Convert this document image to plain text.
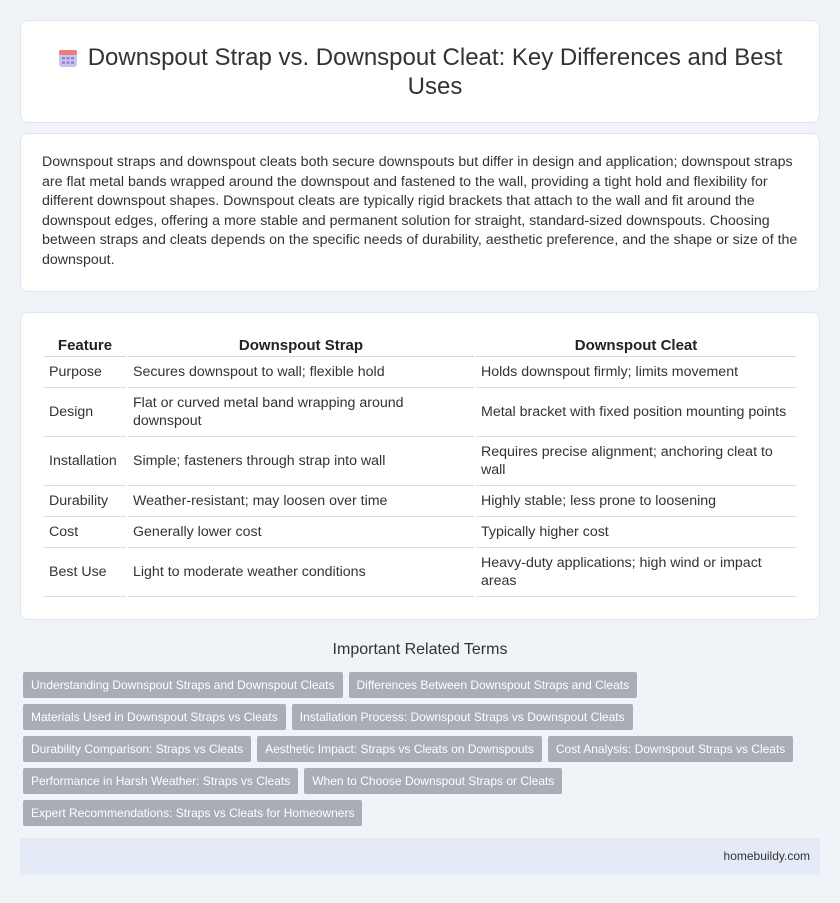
Downspout Strap vs. Downspout Cleat: Key Differences and Best Uses

Downspout straps and downspout cleats both secure downspouts but differ in design and application; downspout straps are flat metal bands wrapped around the downspout and fastened to the wall, providing a tight hold and flexibility for different downspout shapes. Downspout cleats are typically rigid brackets that attach to the wall and fit around the downspout edges, offering a more stable and permanent solution for straight, standard-sized downspouts. Choosing between straps and cleats depends on the specific needs of durability, aesthetic preference, and the shape or size of the downspout.

Feature	Downspout Strap	Downspout Cleat
Purpose	Secures downspout to wall; flexible hold	Holds downspout firmly; limits movement
Design	Flat or curved metal band wrapping around downspout	Metal bracket with fixed position mounting points
Installation	Simple; fasteners through strap into wall	Requires precise alignment; anchoring cleat to wall
Durability	Weather-resistant; may loosen over time	Highly stable; less prone to loosening
Cost	Generally lower cost	Typically higher cost
Best Use	Light to moderate weather conditions	Heavy-duty applications; high wind or impact areas
Important Related Terms
Understanding Downspout Straps and Downspout Cleats	Differences Between Downspout Straps and Cleats
Materials Used in Downspout Straps vs Cleats	Installation Process: Downspout Straps vs Downspout Cleats
Durability Comparison: Straps vs Cleats	Aesthetic Impact: Straps vs Cleats on Downspouts	Cost Analysis: Downspout Straps vs Cleats
Performance in Harsh Weather: Straps vs Cleats	When to Choose Downspout Straps or Cleats
Expert Recommendations: Straps vs Cleats for Homeowners
homebuildy.com
